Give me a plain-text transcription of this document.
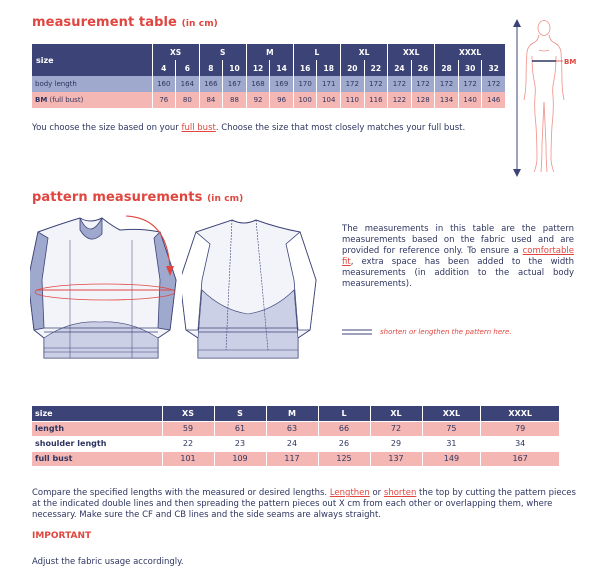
measurement table (in cm)
size	XS		S		M		L		XL		XXL		XXXL		
	4	6	8	10	12	14	16	18	20	22	24	26	28	30	32
body length	160	164	166	167	168	169	170	171	172	172	172	172	172	172	172
BM (full bust)	76	80	84	88	92	96	100	104	110	116	122	128	134	140	146
You choose the size based on your full bust. Choose the size that most closely matches your full bust.
BM
pattern measurements (in cm)
The measurements in this table are the pattern measurements based on the fabric used and are provided for reference only. To ensure a comfortable fit, extra space has been added to the width measurements (in addition to the actual body measurements).
shorten or lengthen the pattern here.
size	XS	S	M	L	XL	XXL	XXXL
length	59	61	63	66	72	75	79
shoulder length	22	23	24	26	29	31	34
full bust	101	109	117	125	137	149	167
Compare the specified lengths with the measured or desired lengths. Lengthen or shorten the top by cutting the pattern pieces at the indicated double lines and then spreading the pattern pieces out X cm from each other or overlapping them, where necessary. Make sure the CF and CB lines and the side seams are always straight.
IMPORTANT
Adjust the fabric usage accordingly.
